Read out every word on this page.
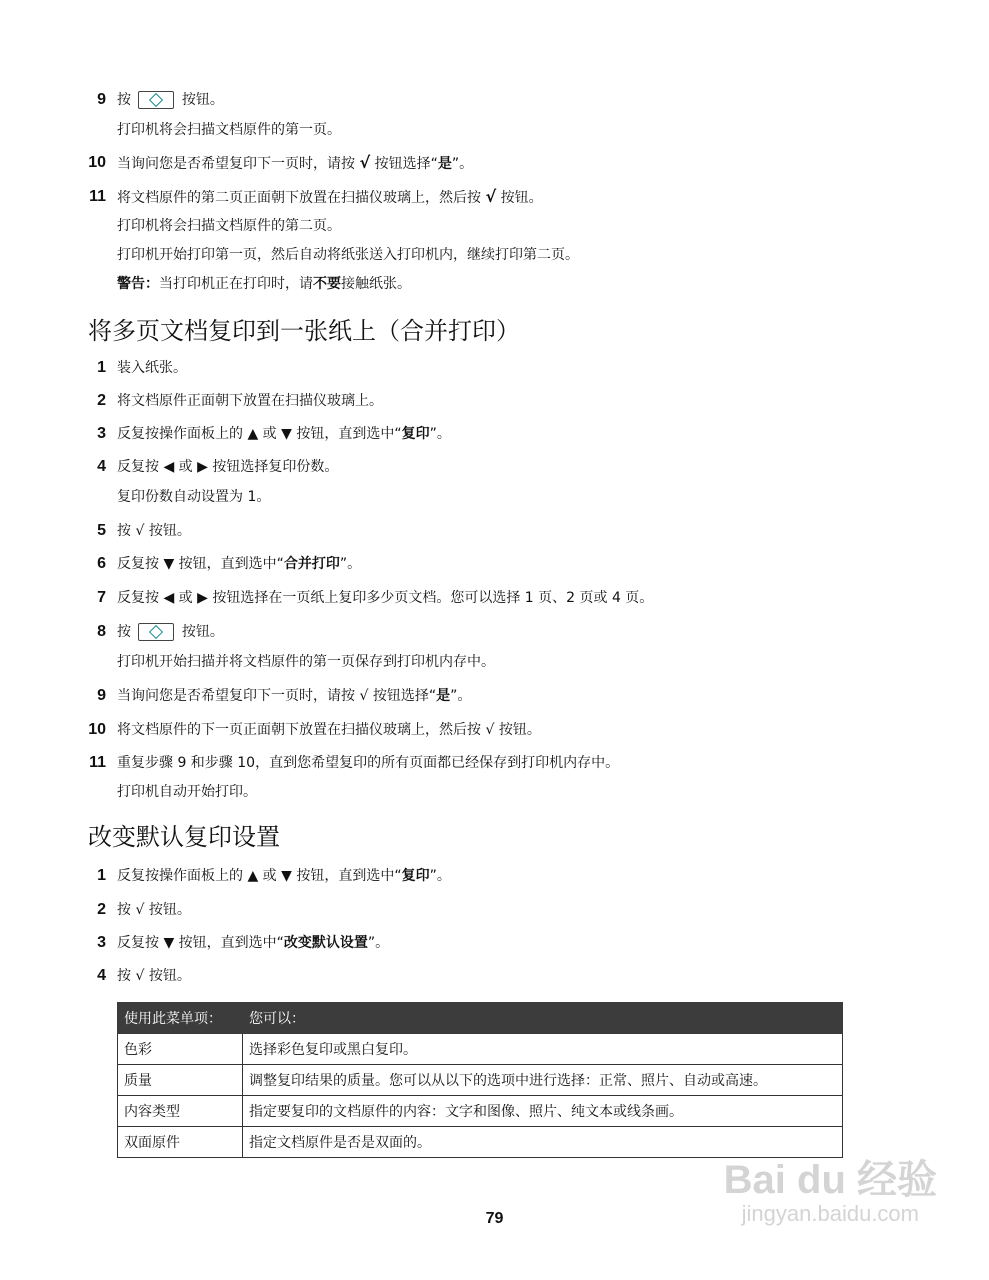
9 按	按钮。
打印机将会扫描文档原件的第一页。
10 当询问您是否希望复印下一页时，请按 √ 按钮选择“是”。
11 将文档原件的第二页正面朝下放置在扫描仪玻璃上，然后按 √ 按钮。
打印机将会扫描文档原件的第二页。
打印机开始打印第一页，然后自动将纸张送入打印机内，继续打印第二页。
警告：当打印机正在打印时，请不要接触纸张。
将多页文档复印到一张纸上（合并打印）
1 装入纸张。
2 将文档原件正面朝下放置在扫描仪玻璃上。
3 反复按操作面板上的 ▲ 或 ▼ 按钮，直到选中“复印”。
4 反复按 ◀ 或 ▶ 按钮选择复印份数。
复印份数自动设置为 1。
5 按 √ 按钮。
6 反复按 ▼ 按钮，直到选中“合并打印”。
7 反复按 ◀ 或 ▶ 按钮选择在一页纸上复印多少页文档。您可以选择 1 页、2 页或 4 页。
8 按	按钮。
打印机开始扫描并将文档原件的第一页保存到打印机内存中。
9 当询问您是否希望复印下一页时，请按 √ 按钮选择“是”。
10 将文档原件的下一页正面朝下放置在扫描仪玻璃上，然后按 √ 按钮。
11 重复步骤 9 和步骤 10，直到您希望复印的所有页面都已经保存到打印机内存中。
打印机自动开始打印。
改变默认复印设置
1 反复按操作面板上的 ▲ 或 ▼ 按钮，直到选中“复印”。
2 按 √ 按钮。
3 反复按 ▼ 按钮，直到选中“改变默认设置”。
4 按 √ 按钮。
使用此菜单项：	您可以：
色彩	选择彩色复印或黑白复印。
质量	调整复印结果的质量。您可以从以下的选项中进行选择：正常、照片、自动或高速。
内容类型	指定要复印的文档原件的内容：文字和图像、照片、纯文本或线条画。
双面原件	指定文档原件是否是双面的。
Bai du 经验
jingyan.baidu.com
79
